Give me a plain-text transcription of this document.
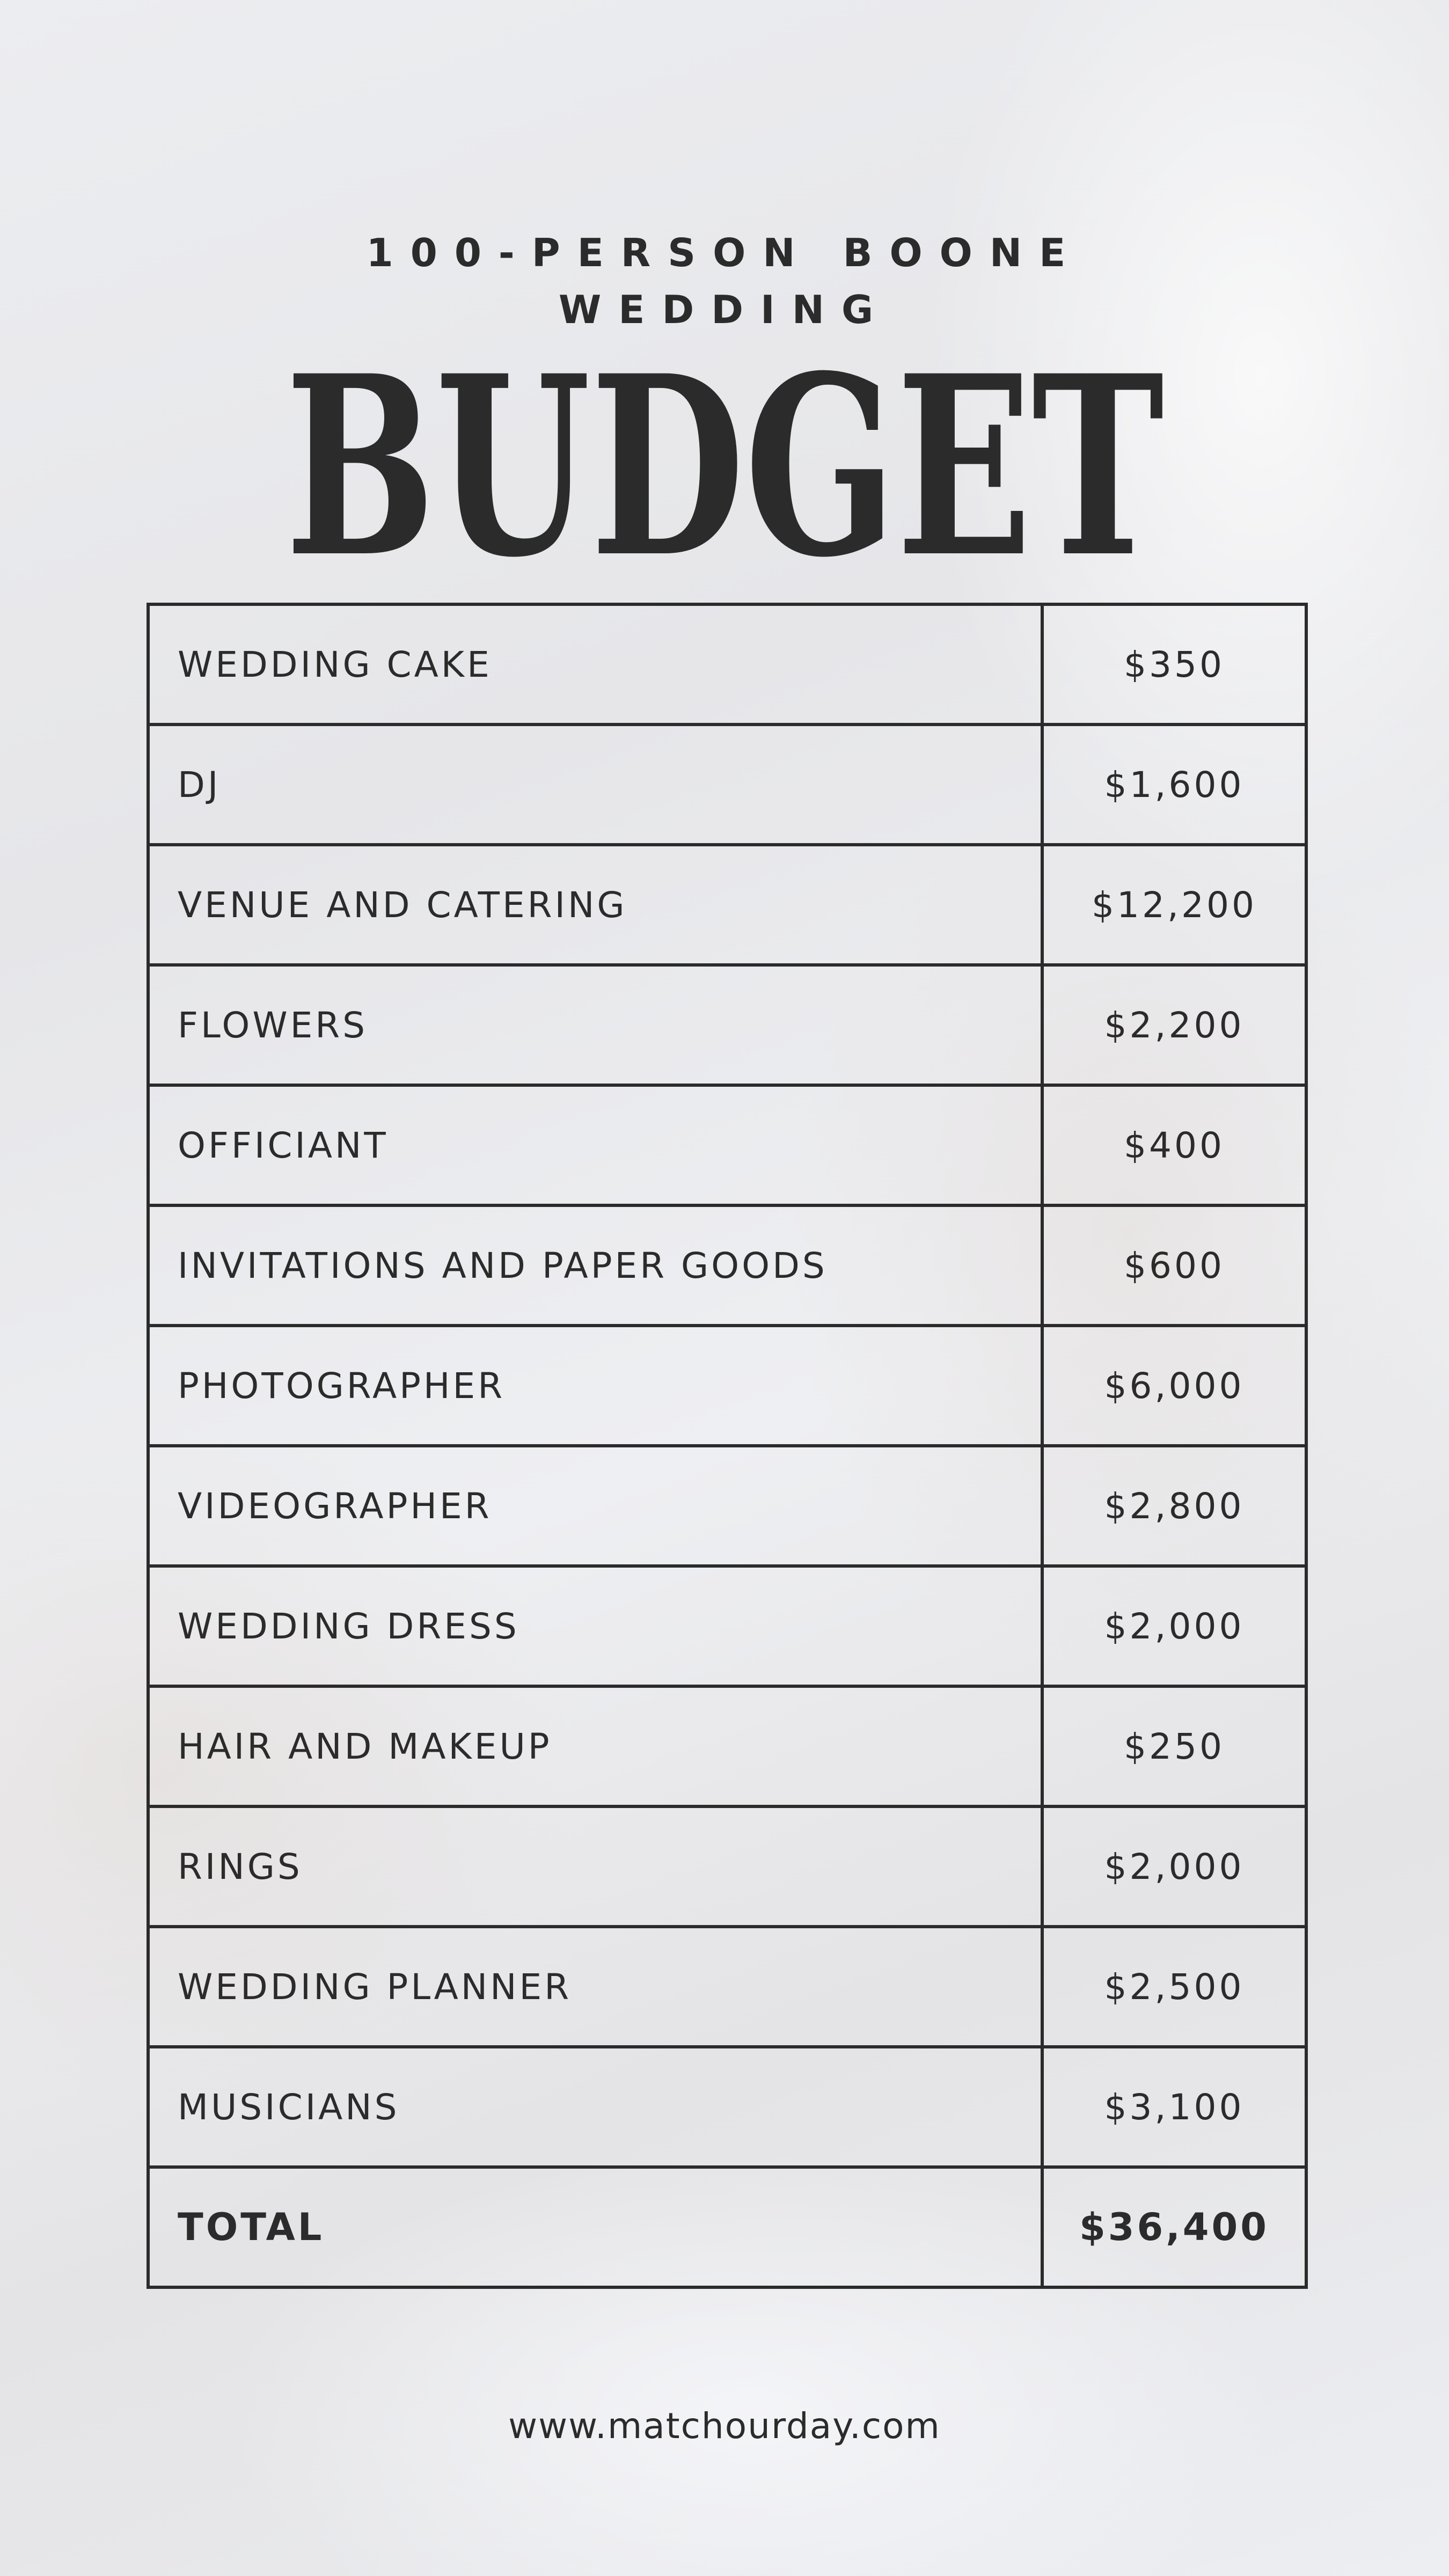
100-PERSON BOONE
WEDDING
BUDGET
WEDDING CAKE	$350
DJ	$1,600
VENUE AND CATERING	$12,200
FLOWERS	$2,200
OFFICIANT	$400
INVITATIONS AND PAPER GOODS	$600
PHOTOGRAPHER	$6,000
VIDEOGRAPHER	$2,800
WEDDING DRESS	$2,000
HAIR AND MAKEUP	$250
RINGS	$2,000
WEDDING PLANNER	$2,500
MUSICIANS	$3,100
TOTAL	$36,400
www.matchourday.com
